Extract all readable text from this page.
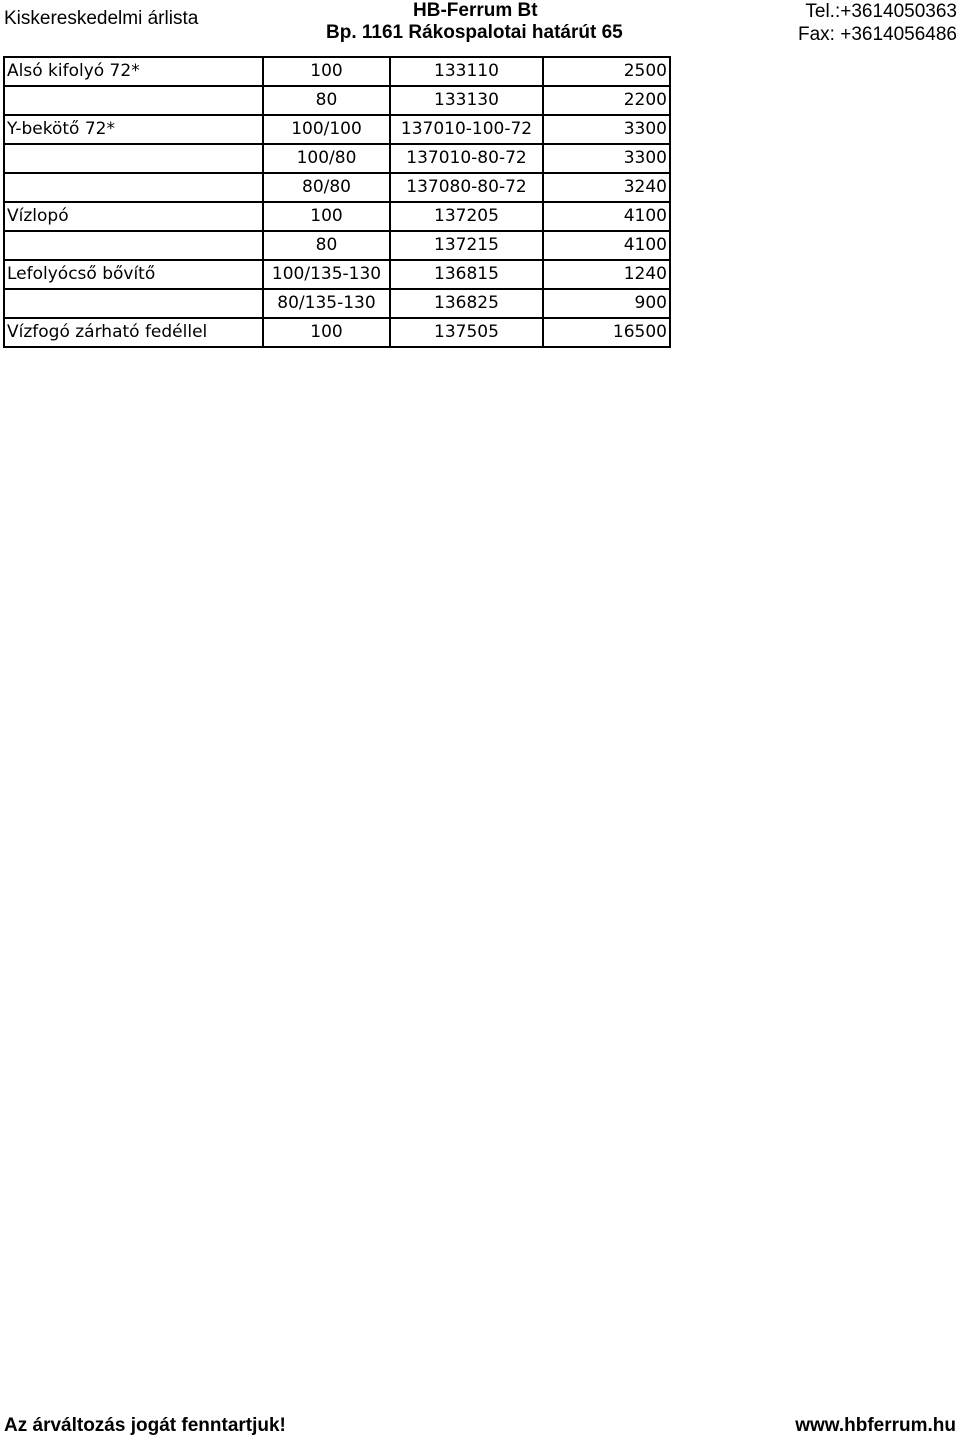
Kiskereskedelmi árlista	HB-Ferrum Bt
Bp. 1161 Rákospalotai határút 65
Tel.:+3614050363
Fax: +3614056486
Alsó kifolyó 72*	100	133110	2500
	80	133130	2200
Y-bekötő 72*	100/100	137010-100-72	3300
	100/80	137010-80-72	3300
	80/80	137080-80-72	3240
Vízlopó	100	137205	4100
	80	137215	4100
Lefolyócső bővítő	100/135-130	136815	1240
	80/135-130	136825	900
Vízfogó zárható fedéllel	100	137505	16500
Az árváltozás jogát fenntartjuk!	www.hbferrum.hu
